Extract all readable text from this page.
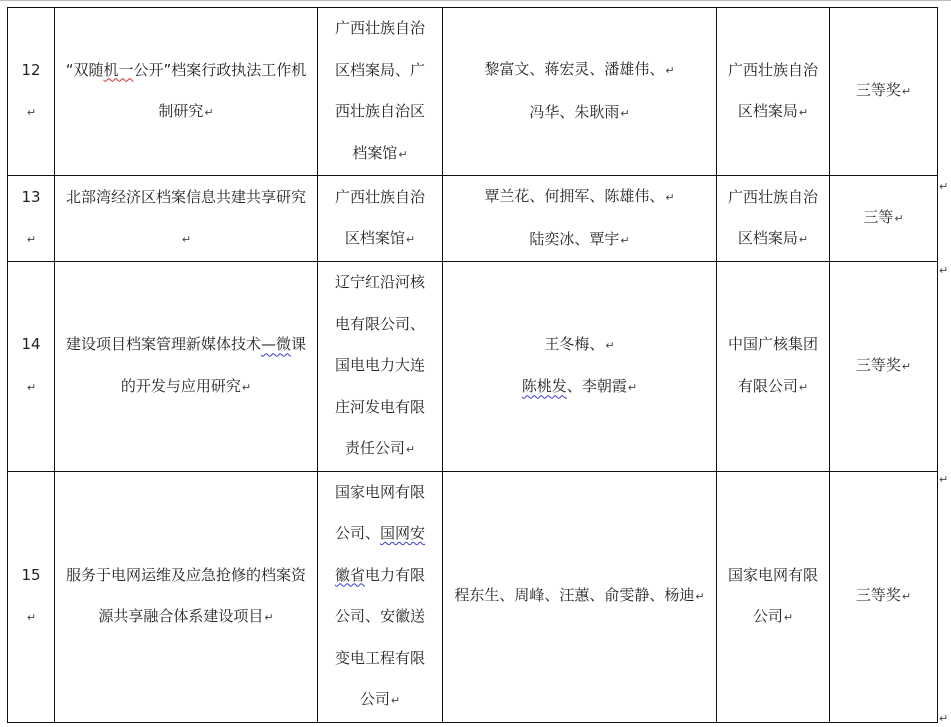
12↵	“双随机一公开”档案行政执法工作机制研究↵	广西壮族自治区档案局、广西壮族自治区档案馆↵	黎富文、蒋宏灵、潘雄伟、↵
冯华、朱耿雨↵	广西壮族自治区档案局↵	三等奖↵
13↵	北部湾经济区档案信息共建共享研究↵	广西壮族自治区档案馆↵	覃兰花、何拥军、陈雄伟、↵
陆奕冰、覃宇↵	广西壮族自治区档案局↵	三等↵
14↵	建设项目档案管理新媒体技术—微课的开发与应用研究↵	辽宁红沿河核电有限公司、国电电力大连庄河发电有限责任公司↵	王冬梅、↵
陈桃发、李朝霞↵	中国广核集团有限公司↵	三等奖↵
15↵	服务于电网运维及应急抢修的档案资源共享融合体系建设项目↵	国家电网有限公司、国网安徽省电力有限公司、安徽送变电工程有限公司↵	程东生、周峰、汪蕙、俞雯静、杨迪↵	国家电网有限公司↵	三等奖↵
↵
↵
↵
↵
